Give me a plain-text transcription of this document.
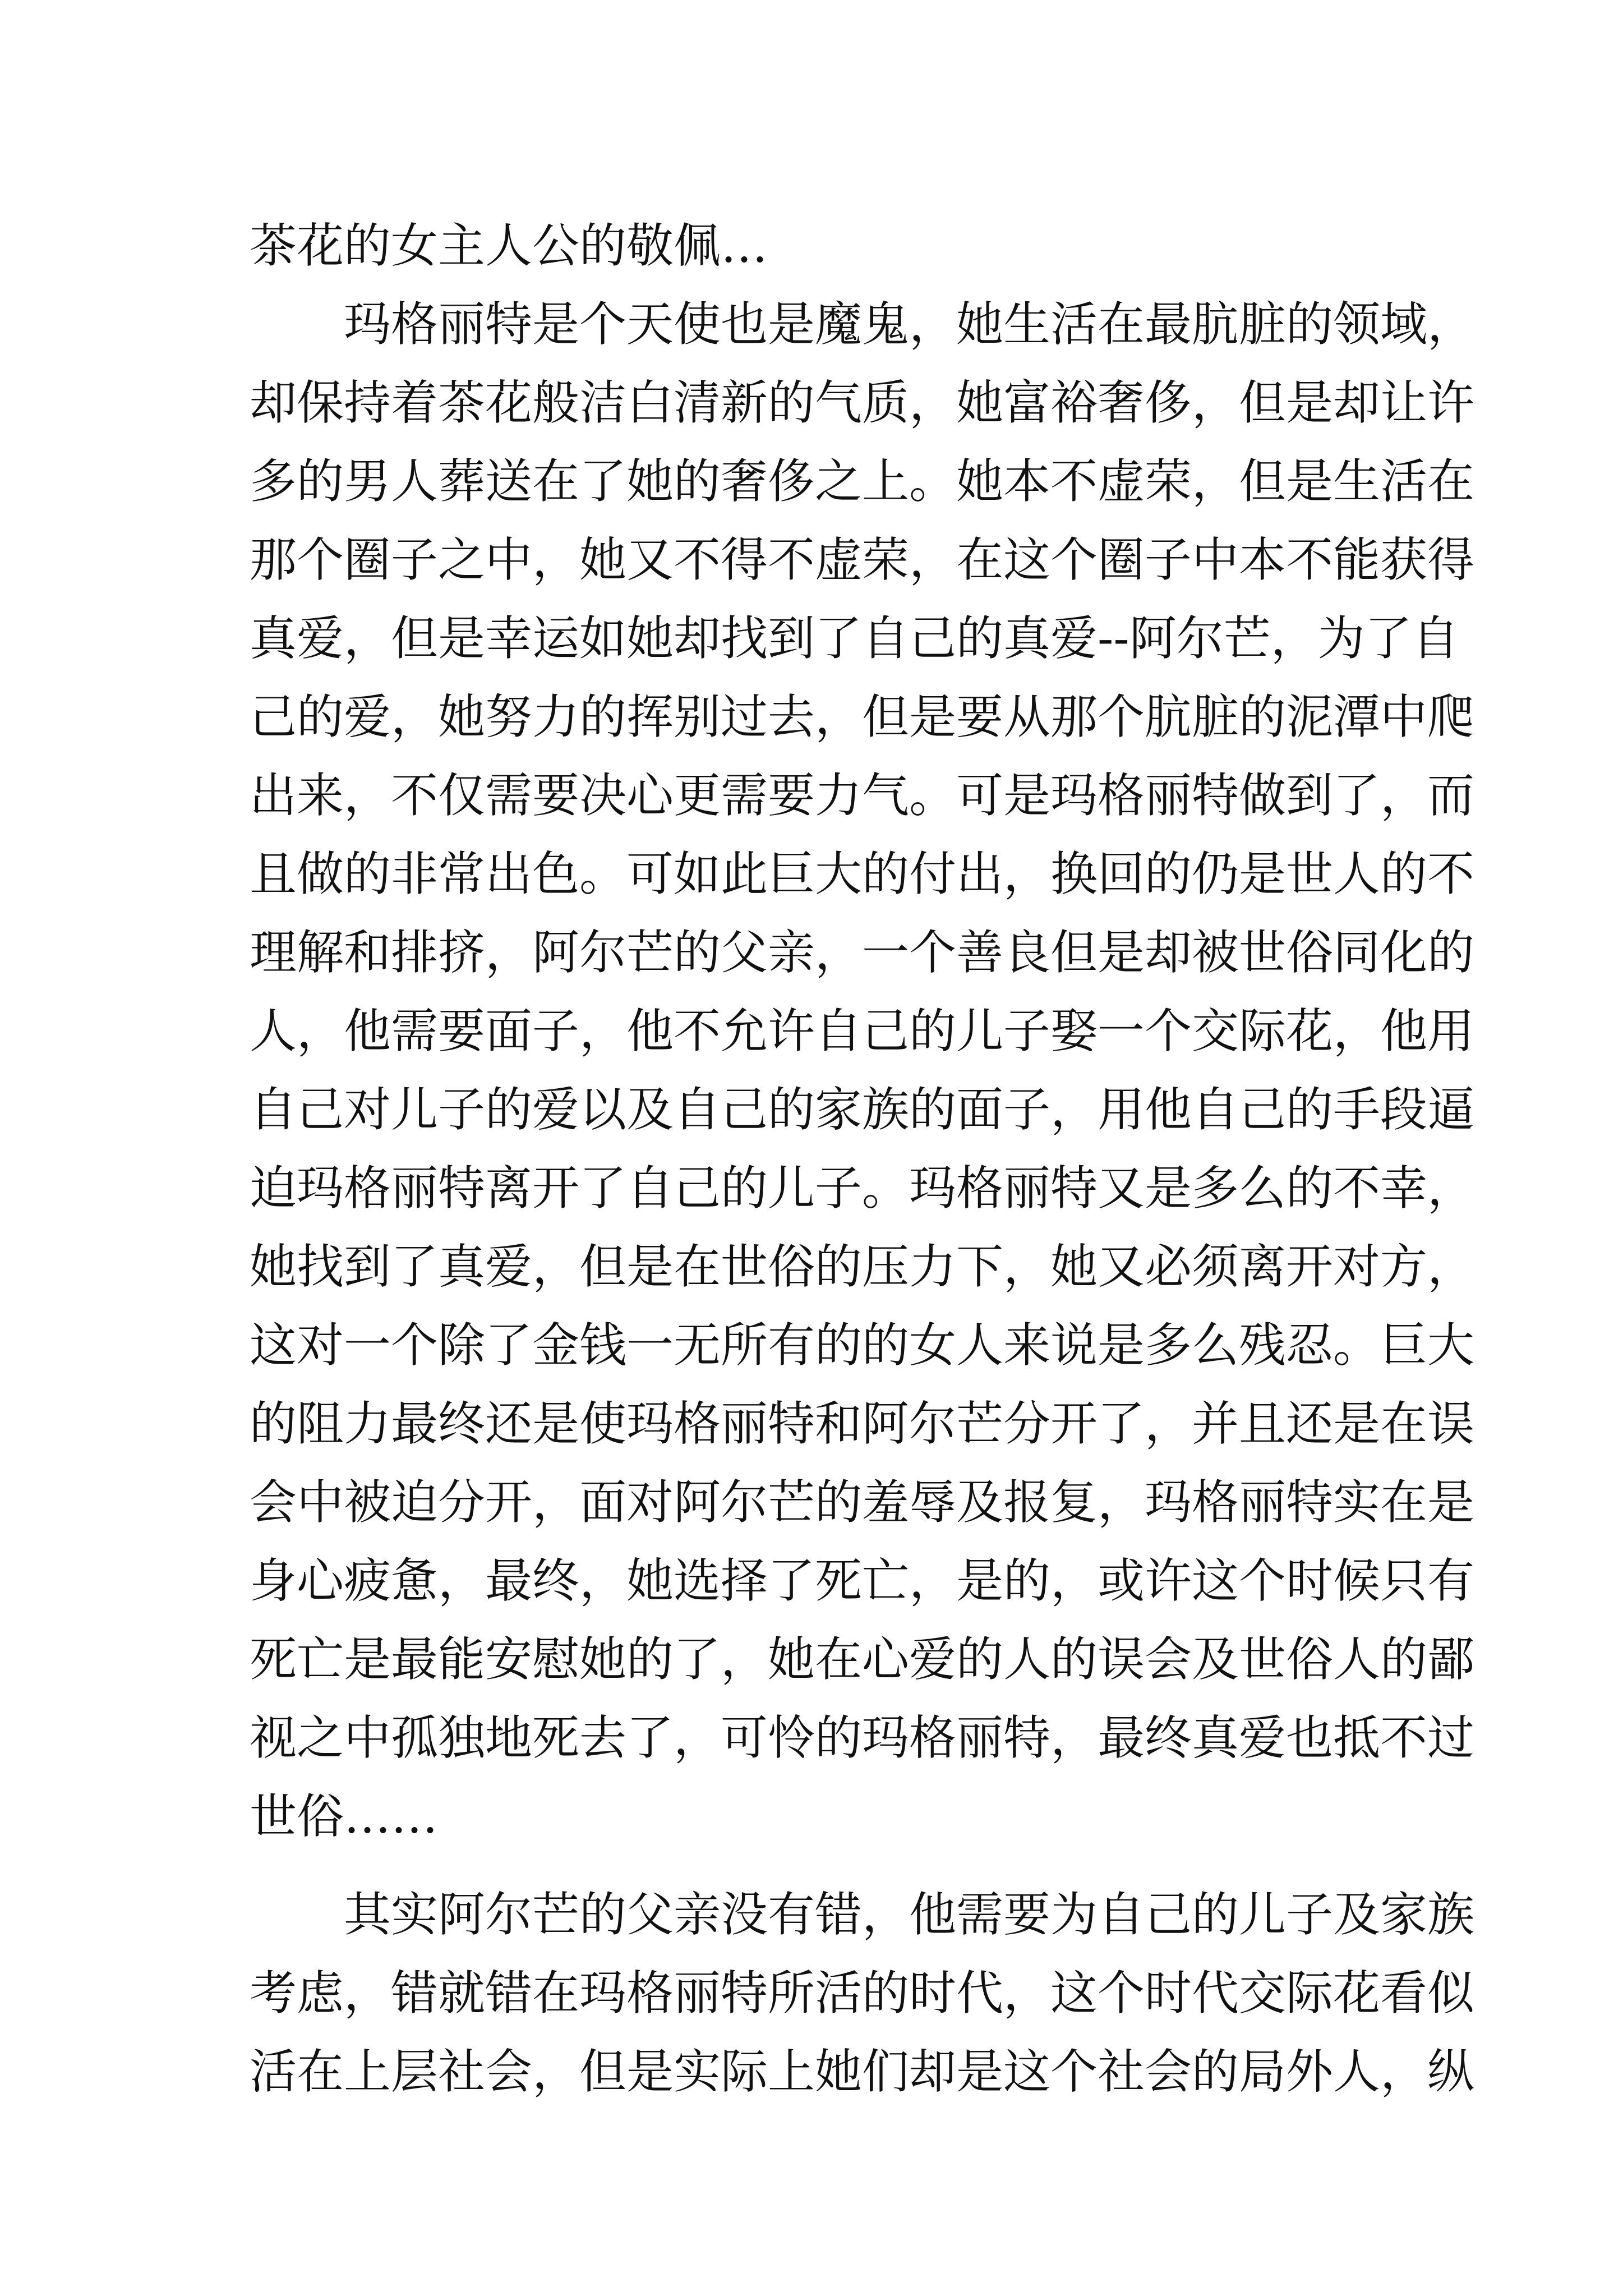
茶花的女主人公的敬佩…
玛格丽特是个天使也是魔鬼，她生活在最肮脏的领域，
却保持着茶花般洁白清新的气质，她富裕奢侈，但是却让许
多的男人葬送在了她的奢侈之上。她本不虚荣，但是生活在
那个圈子之中，她又不得不虚荣，在这个圈子中本不能获得
真爱，但是幸运如她却找到了自己的真爱--阿尔芒，为了自
己的爱，她努力的挥别过去，但是要从那个肮脏的泥潭中爬
出来，不仅需要决心更需要力气。可是玛格丽特做到了，而
且做的非常出色。可如此巨大的付出，换回的仍是世人的不
理解和排挤，阿尔芒的父亲，一个善良但是却被世俗同化的
人，他需要面子，他不允许自己的儿子娶一个交际花，他用
自己对儿子的爱以及自己的家族的面子，用他自己的手段逼
迫玛格丽特离开了自己的儿子。玛格丽特又是多么的不幸，
她找到了真爱，但是在世俗的压力下，她又必须离开对方，
这对一个除了金钱一无所有的的女人来说是多么残忍。巨大
的阻力最终还是使玛格丽特和阿尔芒分开了，并且还是在误
会中被迫分开，面对阿尔芒的羞辱及报复，玛格丽特实在是
身心疲惫，最终，她选择了死亡，是的，或许这个时候只有
死亡是最能安慰她的了，她在心爱的人的误会及世俗人的鄙
视之中孤独地死去了，可怜的玛格丽特，最终真爱也抵不过
世俗……
其实阿尔芒的父亲没有错，他需要为自己的儿子及家族
考虑，错就错在玛格丽特所活的时代，这个时代交际花看似
活在上层社会，但是实际上她们却是这个社会的局外人，纵
